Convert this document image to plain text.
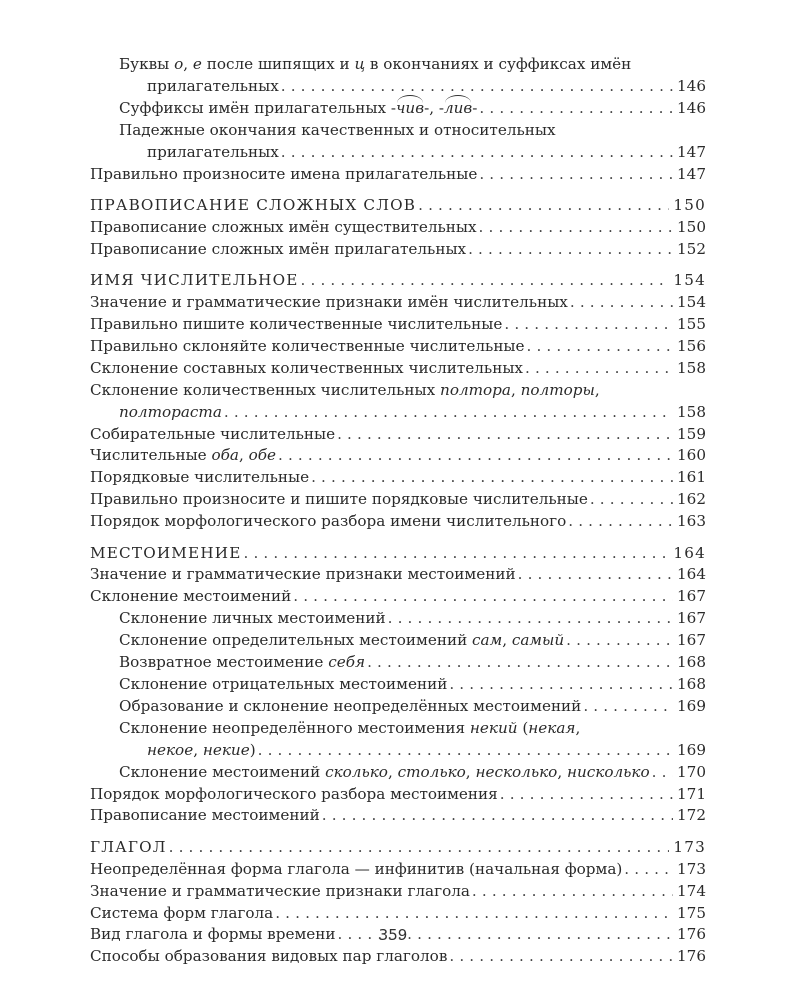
Буквы о, е после шипящих и ц в окончаниях и суффиксах имён
прилагательных . . .	146
Суффиксы имён прилагательных -чив-, -лив- . . .	146
Падежные окончания качественных и относительных
прилагательных . . .	147
Правильно произносите имена прилагательные . . .	147
ПРАВОПИСАНИЕ СЛОЖНЫХ СЛОВ . . .	150
Правописание сложных имён существительных . . .	150
Правописание сложных имён прилагательных . . .	152
ИМЯ ЧИСЛИТЕЛЬНОЕ . . .	154
Значение и грамматические признаки имён числительных . . .	154
Правильно пишите количественные числительные . . .	155
Правильно склоняйте количественные числительные . . .	156
Склонение составных количественных числительных . . .	158
Склонение количественных числительных полтора, полторы,
полтораста . . .	158
Собирательные числительные . . .	159
Числительные оба, обе . . .	160
Порядковые числительные . . .	161
Правильно произносите и пишите порядковые числительные . . .	162
Порядок морфологического разбора имени числительного . . .	163
МЕСТОИМЕНИЕ . . .	164
Значение и грамматические признаки местоимений . . .	164
Склонение местоимений . . .	167
Склонение личных местоимений . . .	167
Склонение определительных местоимений сам, самый . . .	167
Возвратное местоимение себя . . .	168
Склонение отрицательных местоимений . . .	168
Образование и склонение неопределённых местоимений . . .	169
Склонение неопределённого местоимения некий (некая,
некое, некие) . . .	169
Склонение местоимений сколько, столько, несколько, нисколько . . . 170
Порядок морфологического разбора местоимения . . .	171
Правописание местоимений . . .	172
ГЛАГОЛ . . .	173
Неопределённая форма глагола — инфинитив (начальная форма) . . .	173
Значение и грамматические признаки глагола . . .	174
Система форм глагола . . .	175
Вид глагола и формы времени . . .	176
Способы образования видовых пар глаголов . . .	176
359
